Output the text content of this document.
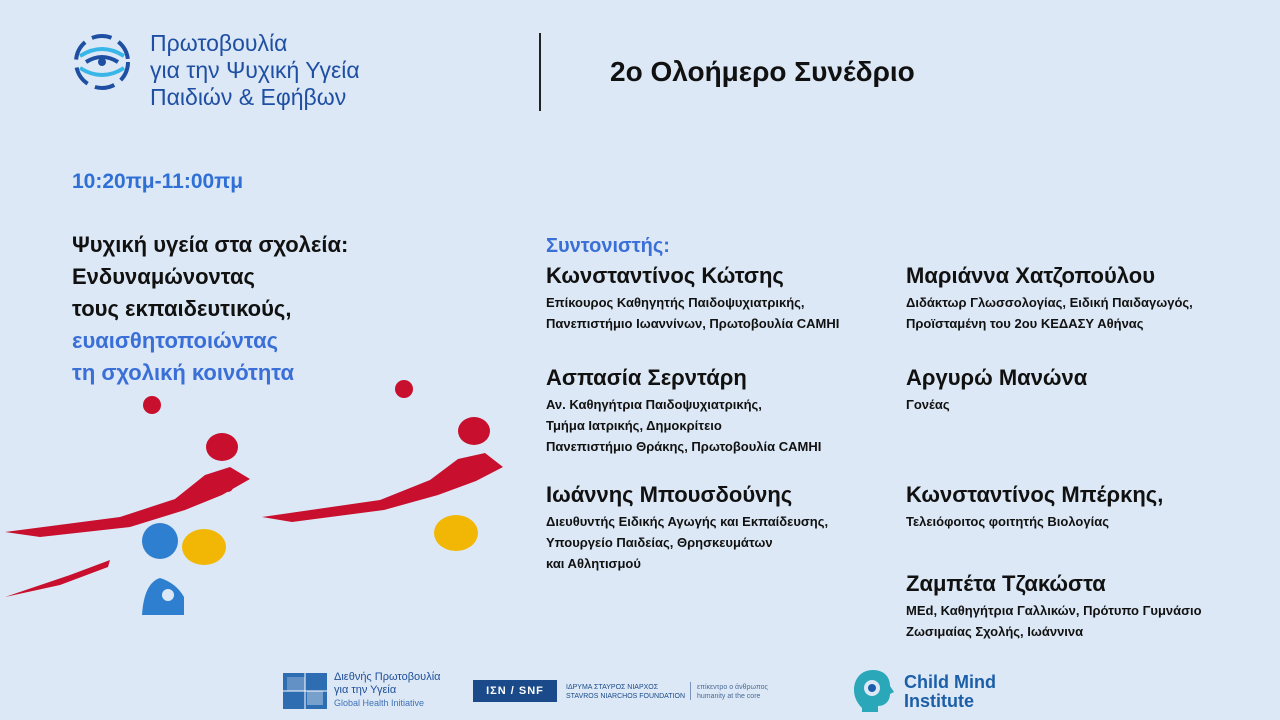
Πρωτοβουλία
για την Ψυχική Υγεία
Παιδιών & Εφήβων
2ο Ολοήμερο Συνέδριο
10:20πμ-11:00πμ
Ψυχική υγεία στα σχολεία:
Ενδυναμώνοντας
τους εκπαιδευτικούς,
ευαισθητοποιώντας
τη σχολική κοινότητα
Συντονιστής:
Κωνσταντίνος Κώτσης
Επίκουρος Καθηγητής Παιδοψυχιατρικής,
Πανεπιστήμιο Ιωαννίνων, Πρωτοβουλία CAMHI
Ασπασία Σερντάρη
Αν. Καθηγήτρια Παιδοψυχιατρικής,
Τμήμα Ιατρικής, Δημοκρίτειο
Πανεπιστήμιο Θράκης, Πρωτοβουλία CAMHI
Ιωάννης Μπουσδούνης
Διευθυντής Ειδικής Αγωγής και Εκπαίδευσης,
Υπουργείο Παιδείας, Θρησκευμάτων
και Αθλητισμού
Μαριάννα Χατζοπούλου
Διδάκτωρ Γλωσσολογίας, Ειδική Παιδαγωγός,
Προϊσταμένη του 2ου ΚΕΔΑΣΥ Αθήνας
Αργυρώ Μανώνα
Γονέας
Κωνσταντίνος Μπέρκης,
Τελειόφοιτος φοιτητής Βιολογίας
Ζαμπέτα Τζακώστα
MEd, Καθηγήτρια Γαλλικών, Πρότυπο Γυμνάσιο
Ζωσιμαίας Σχολής, Ιωάννινα
Διεθνής Πρωτοβουλία
για την Υγεία
Global Health Initiative
ΙΣΝ / SNF	ΙΔΡΥΜΑ ΣΤΑΥΡΟΣ ΝΙΑΡΧΟΣ
STAVROS NIARCHOS FOUNDATION
επίκεντρο ο άνθρωπος
humanity at the core
Child Mind
Institute
